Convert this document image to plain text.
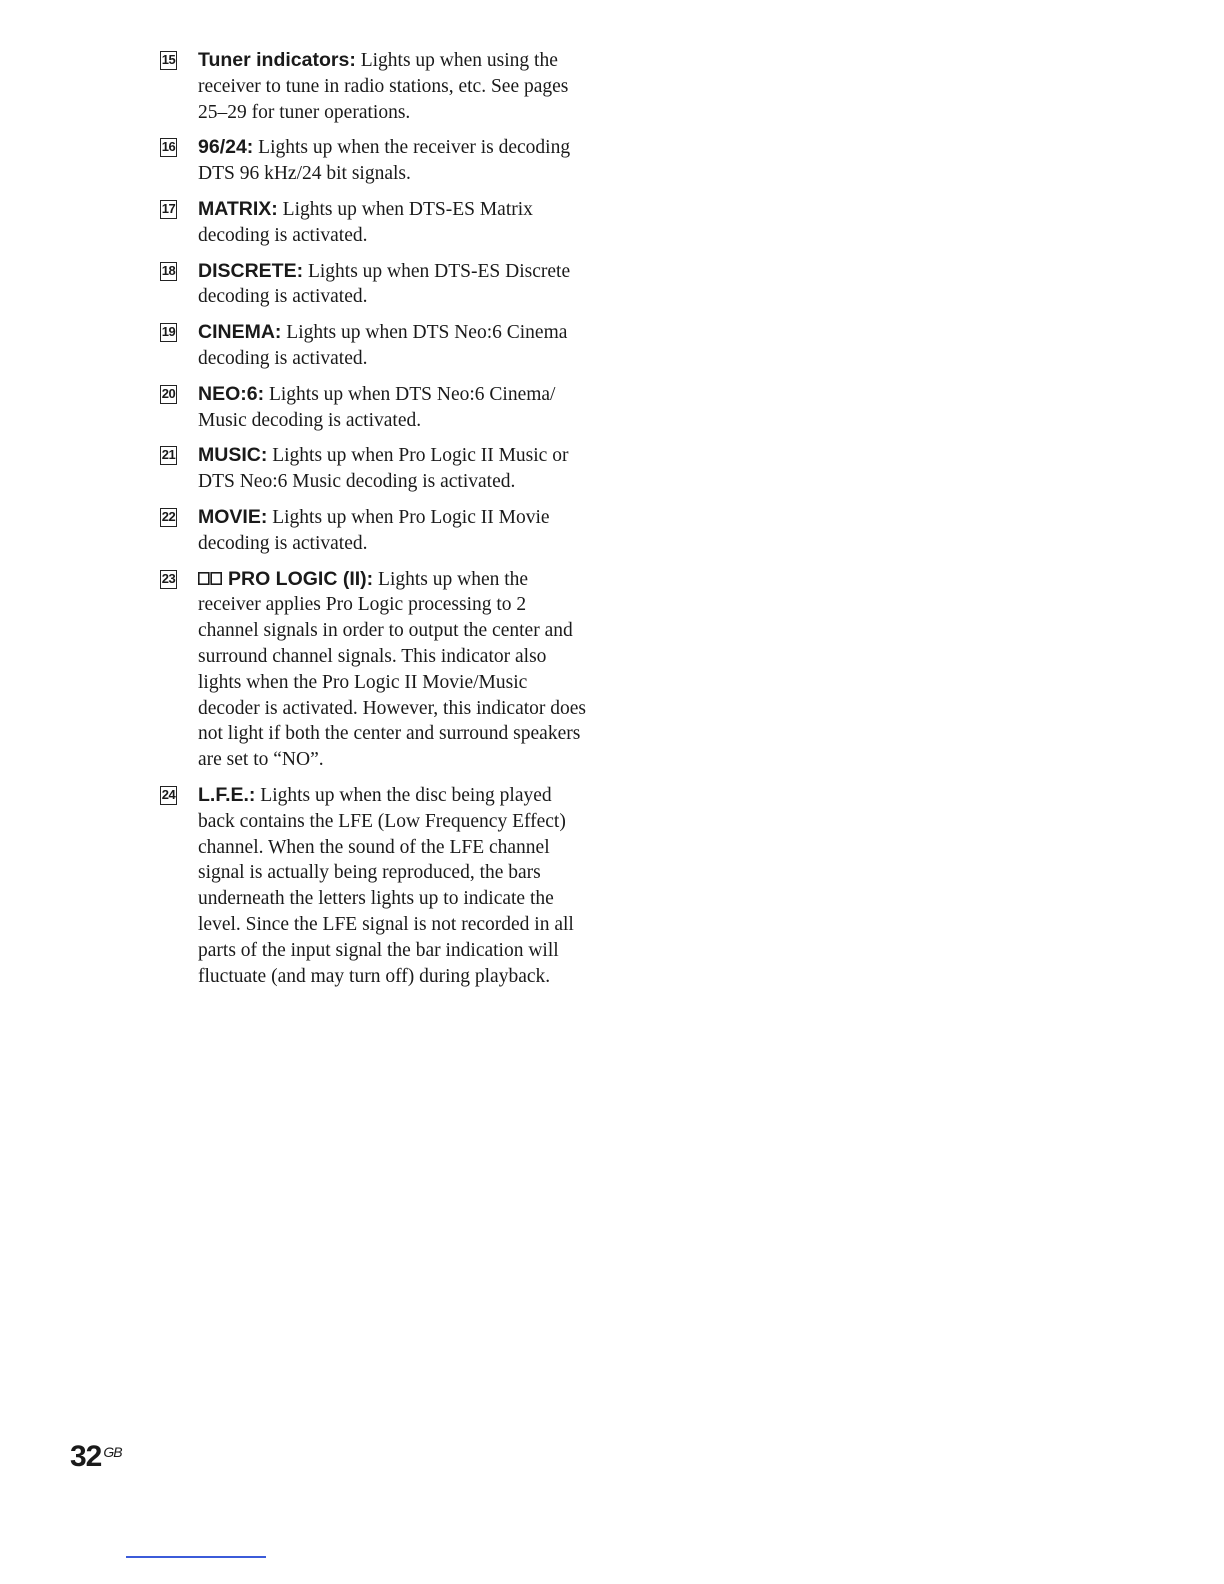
15 Tuner indicators: Lights up when using the receiver to tune in radio stations, etc. See pages 25–29 for tuner operations.
16 96/24: Lights up when the receiver is decoding DTS 96 kHz/24 bit signals.
17 MATRIX: Lights up when DTS-ES Matrix decoding is activated.
18 DISCRETE: Lights up when DTS-ES Discrete decoding is activated.
19 CINEMA: Lights up when DTS Neo:6 Cinema decoding is activated.
20 NEO:6: Lights up when DTS Neo:6 Cinema/ Music decoding is activated.
21 MUSIC: Lights up when Pro Logic II Music or DTS Neo:6 Music decoding is activated.
22 MOVIE: Lights up when Pro Logic II Movie decoding is activated.
23	PRO LOGIC (II): Lights up when the receiver applies Pro Logic processing to 2 channel signals in order to output the center and surround channel signals. This indicator also lights when the Pro Logic II Movie/Music decoder is activated. However, this indicator does not light if both the center and surround speakers are set to “NO”.
24 L.F.E.: Lights up when the disc being played back contains the LFE (Low Frequency Effect) channel. When the sound of the LFE channel signal is actually being reproduced, the bars underneath the letters lights up to indicate the level. Since the LFE signal is not recorded in all parts of the input signal the bar indication will fluctuate (and may turn off) during playback.
32 $^{GB}$
